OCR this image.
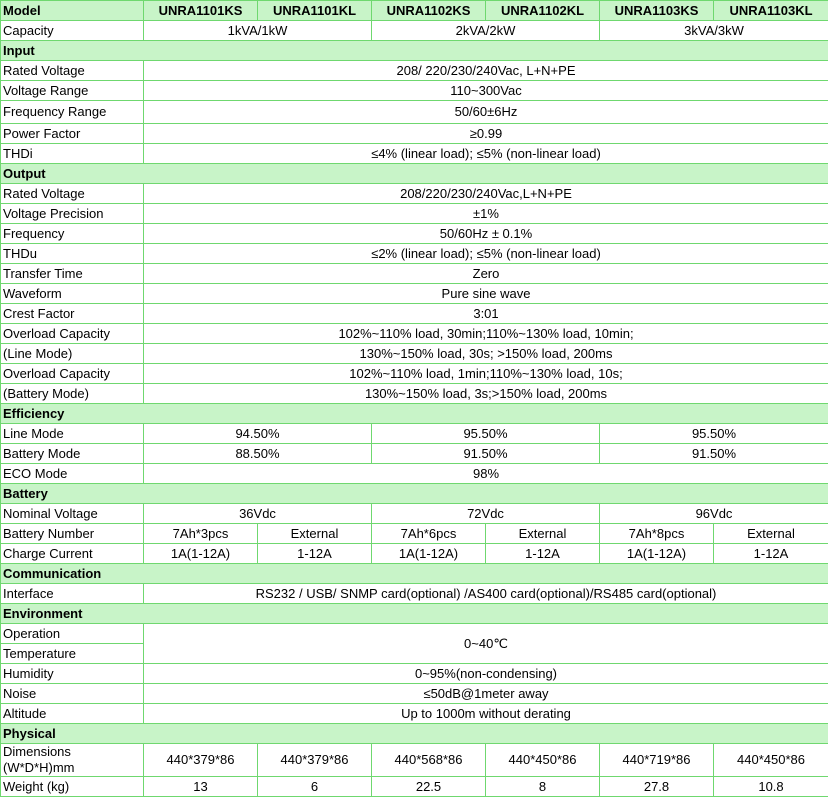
Model	UNRA1101KS	UNRA1101KL	UNRA1102KS	UNRA1102KL	UNRA1103KS	UNRA1103KL
Capacity	1kVA/1kW		2kVA/2kW		3kVA/3kW	
Input						
Rated Voltage	208/ 220/230/240Vac, L+N+PE					
Voltage Range	110~300Vac					
Frequency Range	50/60±6Hz					
Power Factor	≥0.99					
THDi	≤4% (linear load); ≤5% (non-linear load)					
Output						
Rated Voltage	208/220/230/240Vac,L+N+PE					
Voltage Precision	±1%					
Frequency	50/60Hz ± 0.1%					
THDu	≤2% (linear load); ≤5% (non-linear load)					
Transfer Time	Zero					
Waveform	Pure sine wave					
Crest Factor	3:01					
Overload Capacity	102%~110% load, 30min;110%~130% load, 10min;					
(Line Mode)	130%~150% load, 30s; >150% load, 200ms					
Overload Capacity	102%~110% load, 1min;110%~130% load, 10s;					
(Battery Mode)	130%~150% load, 3s;>150% load, 200ms					
Efficiency						
Line Mode	94.50%		95.50%		95.50%	
Battery Mode	88.50%		91.50%		91.50%	
ECO Mode	98%					
Battery						
Nominal Voltage	36Vdc		72Vdc		96Vdc	
Battery Number	7Ah*3pcs	External	7Ah*6pcs	External	7Ah*8pcs	External
Charge Current	1A(1-12A)	1-12A	1A(1-12A)	1-12A	1A(1-12A)	1-12A
Communication						
Interface	RS232 / USB/ SNMP card(optional) /AS400 card(optional)/RS485 card(optional)					
Environment						
Operation	0~40℃					
Temperature						
Humidity	0~95%(non-condensing)					
Noise	≤50dB@1meter away					
Altitude	Up to 1000m without derating					
Physical						

Dimensions
(W*D*H)mm	440*379*86	440*379*86	440*568*86	440*450*86	440*719*86	440*450*86
Weight (kg)	13	6	22.5	8	27.8	10.8
